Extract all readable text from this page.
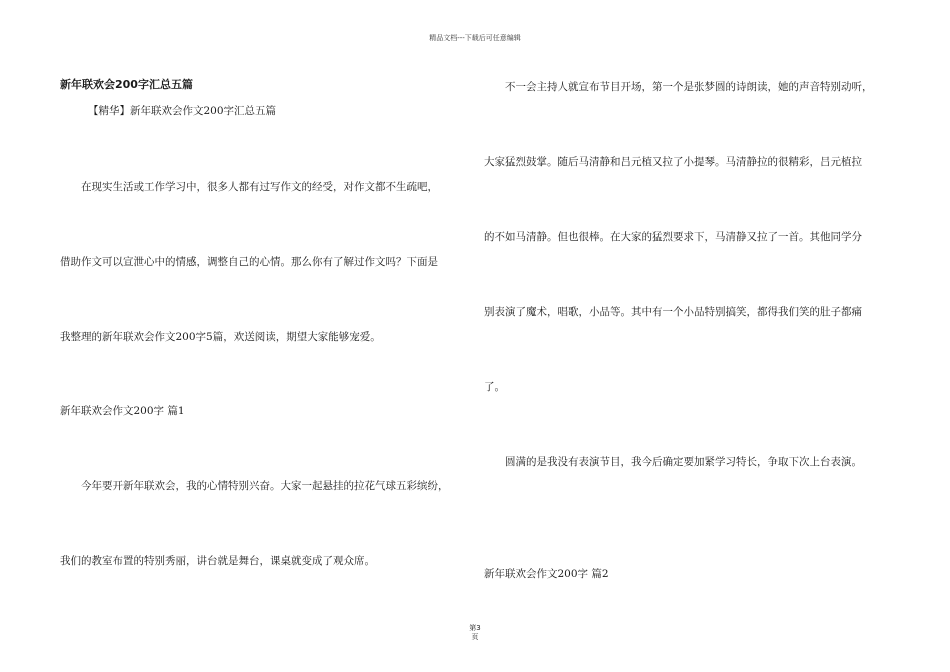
精品文档---下载后可任意编辑
新年联欢会200字汇总五篇
【精华】新年联欢会作文200字汇总五篇
在现实生活或工作学习中，很多人都有过写作文的经受，对作文都不生疏吧，
借助作文可以宣泄心中的情感，调整自己的心情。那么你有了解过作文吗？下面是
我整理的新年联欢会作文200字5篇，欢送阅读，期望大家能够宠爱。
新年联欢会作文200字 篇1
今年要开新年联欢会，我的心情特别兴奋。大家一起悬挂的拉花气球五彩缤纷，
我们的教室布置的特别秀丽，讲台就是舞台，课桌就变成了观众席。
不一会主持人就宣布节目开场，第一个是张梦圆的诗朗读，她的声音特别动听，
大家猛烈鼓掌。随后马清静和吕元植又拉了小提琴。马清静拉的很精彩，吕元植拉
的不如马清静。但也很棒。在大家的猛烈要求下，马清静又拉了一首。其他同学分
别表演了魔术，唱歌，小品等。其中有一个小品特别搞笑，都得我们笑的肚子都痛
了。
圆满的是我没有表演节目，我今后确定要加紧学习特长，争取下次上台表演。
新年联欢会作文200字 篇2
第3
页
